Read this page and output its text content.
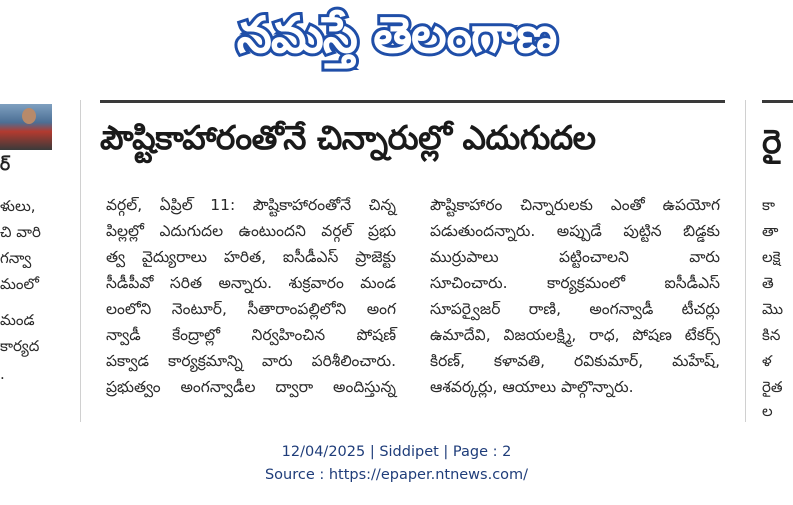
నమస్తే తెలంగాణ
ర్
ళులు,
చి వారి
గన్వా
మంలో
మండ
కార్యద
.
పౌష్టికాహారంతోనే చిన్నారుల్లో ఎదుగుదల
వర్గల్, ఏప్రిల్ 11: పౌష్టికాహారంతోనే చిన్న
పిల్లల్లో ఎదుగుదల ఉంటుందని వర్గల్ ప్రభు
త్వ వైద్యురాలు హరిత, ఐసీడీఎస్ ప్రాజెక్టు
సీడీపీవో సరిత అన్నారు. శుక్రవారం మండ
లంలోని నెంటూర్, సీతారాంపల్లిలోని అంగ
న్వాడీ కేంద్రాల్లో నిర్వహించిన పోషణ్
పక్వాడ కార్యక్రమాన్ని వారు పరిశీలించారు.
ప్రభుత్వం అంగన్వాడీల ద్వారా అందిస్తున్న
పౌష్టికాహారం చిన్నారులకు ఎంతో ఉపయోగ
పడుతుందన్నారు. అప్పుడే పుట్టిన బిడ్డకు
ముర్రుపాలు పట్టించాలని వారు
సూచించారు. కార్యక్రమంలో ఐసీడీఎస్
సూపర్వైజర్ రాణి, అంగన్వాడీ టీచర్లు
ఉమాదేవి, విజయలక్ష్మి, రాధ, పోషణ టేకర్స్
కిరణ్, కళావతి, రవికుమార్, మహేష్,
ఆశవర్కర్లు, ఆయాలు పాల్గొన్నారు.
రై
కా
తా
లక్షె
తె
మొ
కిన
ళ
రైత
ల
12/04/2025 | Siddipet | Page : 2
Source : https://epaper.ntnews.com/
